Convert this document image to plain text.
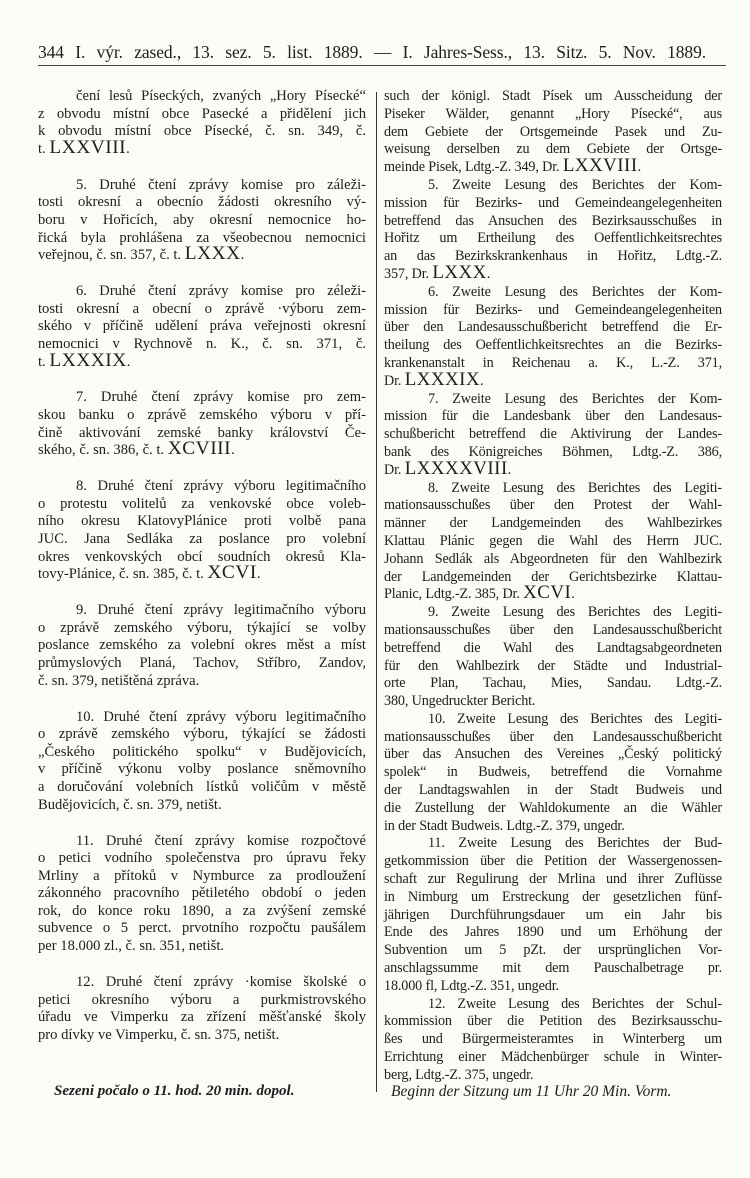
344 I. výr. zased., 13. sez. 5. list. 1889. — I. Jahres-Sess., 13. Sitz. 5. Nov. 1889.
čení lesů Píseckých, zvaných „Hory Písecké“
z obvodu místní obce Pasecké a přidělení jich
k obvodu místní obce Písecké, č. sn. 349, č.
t. LXXVIII.
5. Druhé čtení zprávy komise pro záleži-
tosti okresní a obecnío žádosti okresního vý-
boru v Hořicích, aby okresní nemocnice ho-
řická byla prohlášena za všeobecnou nemocnici
veřejnou, č. sn. 357, č. t. LXXX.
6. Druhé čtení zprávy komise pro zéleži-
tosti okresní a obecní o zprávě ·výboru zem-
ského v příčině udělení práva veřejnosti okresní
nemocnici v Rychnově n. K., č. sn. 371, č.
t. LXXXIX.
7. Druhé čtení zprávy komise pro zem-
skou banku o zprávě zemského výboru v pří-
čině aktivování zemské banky království Če-
ského, č. sn. 386, č. t. XCVIII.
8. Druhé čtení zprávy výboru legitimačního
o protestu volitelů za venkovské obce voleb-
ního okresu KlatovyPlánice proti volbě pana
JUC. Jana Sedláka za poslance pro volební
okres venkovských obcí soudních okresů Kla-
tovy-Plánice, č. sn. 385, č. t. XCVI.
9. Druhé čtení zprávy legitimačního výboru
o zprávě zemského výboru, týkající se volby
poslance zemského za volební okres měst a míst
průmyslových Planá, Tachov, Stříbro, Zandov,
č. sn. 379, netištěná zpráva.
10. Druhé čtení zprávy výboru legitimačního
o zprávě zemského výboru, týkající se žádosti
„Českého politického spolku“ v Budějovicích,
v příčině výkonu volby poslance sněmovního
a doručování volebních lístků voličům v městě
Budějovicích, č. sn. 379, netišt.
11. Druhé čtení zprávy komise rozpočtové
o petici vodního společenstva pro úpravu řeky
Mrliny a přítoků v Nymburce za prodloužení
zákonného pracovního pětiletého období o jeden
rok, do konce roku 1890, a za zvýšení zemské
subvence o 5 perct. prvotního rozpočtu paušálem
per 18.000 zl., č. sn. 351, netišt.
12. Druhé čtení zprávy ·komise školské o
petici okresního výboru a purkmistrovského
úřadu ve Vimperku za zřízení měšťanské školy
pro dívky ve Vimperku, č. sn. 375, netišt.
such der königl. Stadt Písek um Ausscheidung der
Piseker Wälder, genannt „Hory Písecké“, aus
dem Gebiete der Ortsgemeinde Pasek und Zu-
weisung derselben zu dem Gebiete der Ortsge-
meinde Pisek, Ldtg.-Z. 349, Dr. LXXVIII.
5. Zweite Lesung des Berichtes der Kom-
mission für Bezirks- und Gemeindeangelegenheiten
betreffend das Ansuchen des Bezirksausschußes in
Hořitz um Ertheilung des Oeffentlichkeitsrechtes
an das Bezirkskrankenhaus in Hořitz, Ldtg.-Z.
357, Dr. LXXX.
6. Zweite Lesung des Berichtes der Kom-
mission für Bezirks- und Gemeindeangelegenheiten
über den Landesausschußbericht betreffend die Er-
theilung des Oeffentlichkeitsrechtes an die Bezirks-
krankenanstalt in Reichenau a. K., L.-Z. 371,
Dr. LXXXIX.
7. Zweite Lesung des Berichtes der Kom-
mission für die Landesbank über den Landesaus-
schußbericht betreffend die Aktivirung der Landes-
bank des Königreiches Böhmen, Ldtg.-Z. 386,
Dr. LXXXXVIII.
8. Zweite Lesung des Berichtes des Legiti-
mationsausschußes über den Protest der Wahl-
männer der Landgemeinden des Wahlbezirkes
Klattau Plánic gegen die Wahl des Herrn JUC.
Johann Sedlák als Abgeordneten für den Wahlbezirk
der Landgemeinden der Gerichtsbezirke Klattau-
Planic, Ldtg.-Z. 385, Dr. XCVI.
9. Zweite Lesung des Berichtes des Legiti-
mationsausschußes über den Landesausschußbericht
betreffend die Wahl des Landtagsabgeordneten
für den Wahlbezirk der Städte und Industrial-
orte Plan, Tachau, Mies, Sandau. Ldtg.-Z.
380, Ungedruckter Bericht.
10. Zweite Lesung des Berichtes des Legiti-
mationsausschußes über den Landesausschußbericht
über das Ansuchen des Vereines „Český politický
spolek“ in Budweis, betreffend die Vornahme
der Landtagswahlen in der Stadt Budweis und
die Zustellung der Wahldokumente an die Wähler
in der Stadt Budweis. Ldtg.-Z. 379, ungedr.
11. Zweite Lesung des Berichtes der Bud-
getkommission über die Petition der Wassergenossen-
schaft zur Regulirung der Mrlina und ihrer Zuflüsse
in Nimburg um Erstreckung der gesetzlichen fünf-
jährigen Durchführungsdauer um ein Jahr bis
Ende des Jahres 1890 und um Erhöhung der
Subvention um 5 pZt. der ursprünglichen Vor-
anschlagssumme mit dem Pauschalbetrage pr.
18.000 fl, Ldtg.-Z. 351, ungedr.
12. Zweite Lesung des Berichtes der Schul-
kommission über die Petition des Bezirksausschu-
ßes und Bürgermeisteramtes in Winterberg um
Errichtung einer Mädchenbürger schule in Winter-
berg, Ldtg.-Z. 375, ungedr.
Sezeni počalo o 11. hod. 20 min. dopol.	Beginn der Sitzung um 11 Uhr 20 Min. Vorm.
